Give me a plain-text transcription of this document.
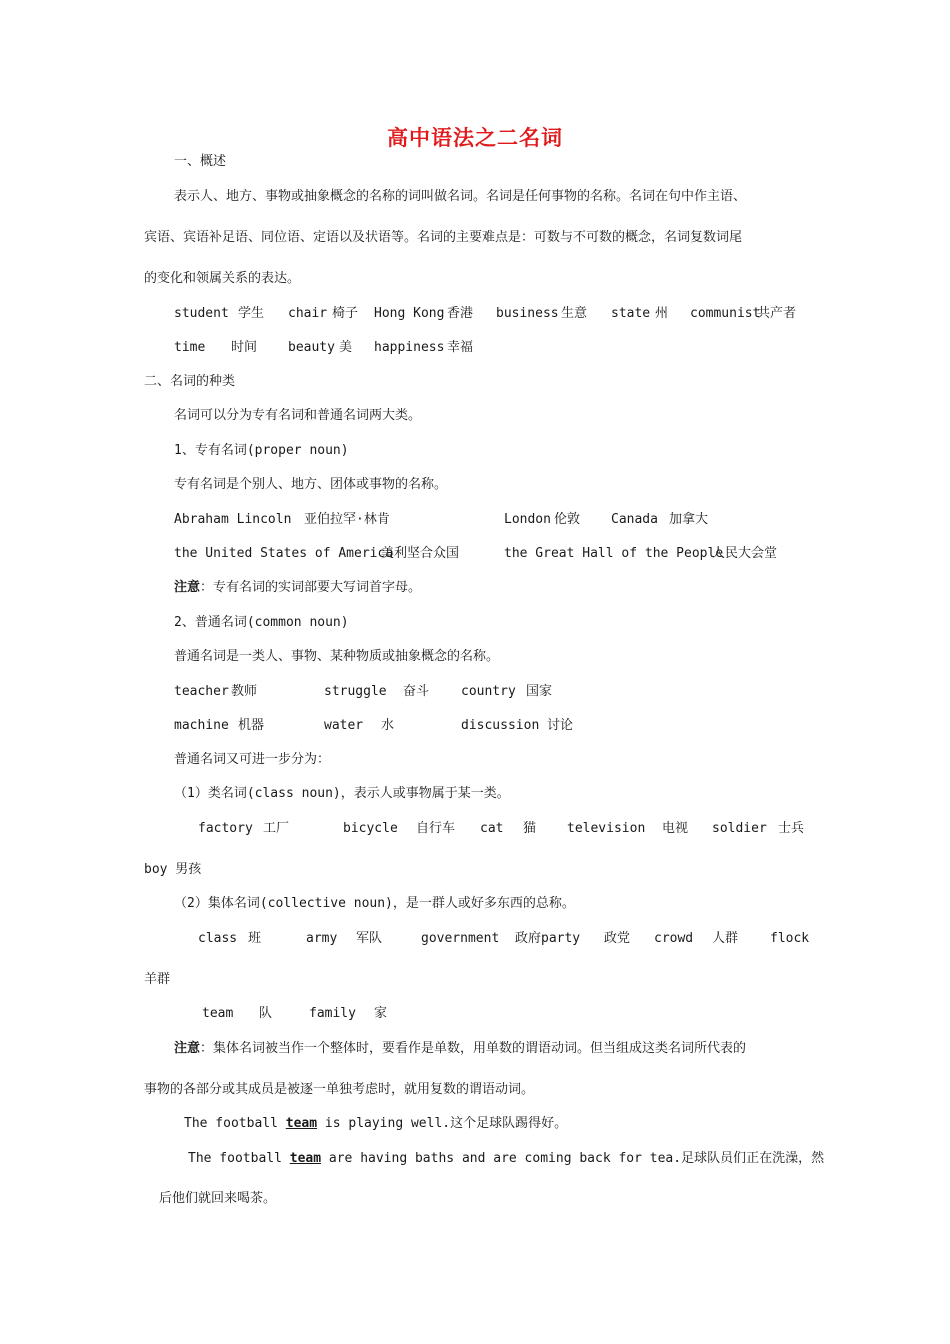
高中语法之二名词
一、概述
表示人、地方、事物或抽象概念的名称的词叫做名词。名词是任何事物的名称。名词在句中作主语、
宾语、宾语补足语、同位语、定语以及状语等。名词的主要难点是：可数与不可数的概念，名词复数词尾
的变化和领属关系的表达。
student 学生 chair 椅子 Hong Kong 香港 business 生意 state 州 communist
共产者
time 时间 beauty 美 happiness 幸福
二、名词的种类
名词可以分为专有名词和普通名词两大类。
1、专有名词(proper noun)
专有名词是个别人、地方、团体或事物的名称。
Abraham Lincoln 亚伯拉罕·林肯	London 伦敦 Canada 加拿大
the United States of America
美利坚合众国	the Great Hall of the People
人民大会堂
注意：专有名词的实词部要大写词首字母。
2、普通名词(common noun)
普通名词是一类人、事物、某种物质或抽象概念的名称。
teacher 教师	struggle 奋斗 country 国家
machine 机器	water 水	discussion 讨论
普通名词又可进一步分为：
（1）类名词(class noun)，表示人或事物属于某一类。
factory 工厂	bicycle 自行车 cat 猫 television 电视 soldier 士兵
boy 男孩
（2）集体名词(collective noun)，是一群人或好多东西的总称。
class 班	army 军队	government 政府party 政党 crowd 人群 flock
羊群
team 队	family 家
注意：集体名词被当作一个整体时，要看作是单数，用单数的谓语动词。但当组成这类名词所代表的
事物的各部分或其成员是被逐一单独考虑时，就用复数的谓语动词。
The football team is playing well.这个足球队踢得好。
The football team are having baths and are coming back for tea.足球队员们正在洗澡，然
后他们就回来喝茶。
